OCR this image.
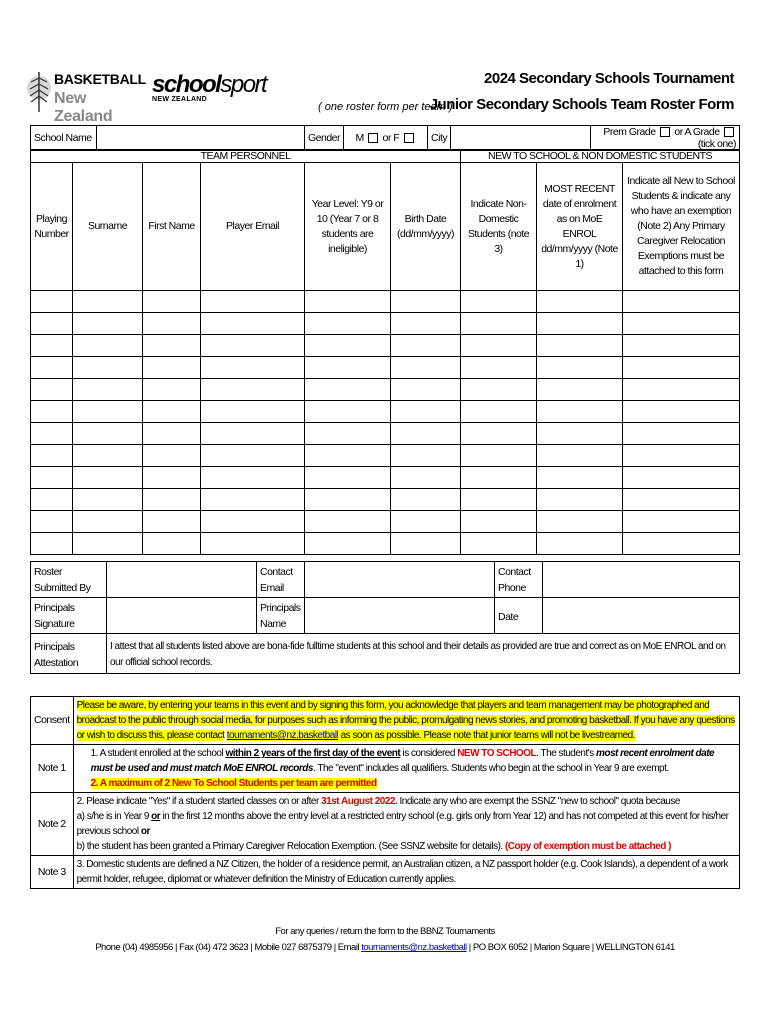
BASKETBALL
New Zealand
schoolsport
NEW ZEALAND
( one roster form per team )
2024 Secondary Schools Tournament
Junior Secondary Schools Team Roster Form
School Name		Gender	M or F	City		Prem Grade or A Grade  (tick one)
TEAM PERSONNEL						NEW TO SCHOOL & NON DOMESTIC STUDENTS		
Playing Number	Surname	First Name	Player Email	Year Level: Y9 or 10 (Year 7 or 8 students are ineligible)	Birth Date (dd/mm/yyyy)	Indicate Non-Domestic Students (note 3)	MOST RECENT date of enrolment as on MoE ENROL dd/mm/yyyy (Note 1)	Indicate all New to School Students & indicate any who have an exemption (Note 2) Any Primary Caregiver Relocation Exemptions must be attached to this form

Roster Submitted By		Contact Email		Contact Phone	
Principals Signature		Principals Name		Date	
Principals Attestation	I attest that all students listed above are bona-fide fulltime students at this school and their details as provided are true and correct as on MoE ENROL and on our official school records.				
Consent	Please be aware, by entering your teams in this event and by signing this form, you acknowledge that players and team management may be photographed and broadcast to the public through social media, for purposes such as informing the public, promulgating news stories, and promoting basketball. If you have any questions or wish to discuss this, please contact tournaments@nz.basketball as soon as possible. Please note that junior teams will not be livestreamed.
Note 1	1. A student enrolled at the school within 2 years of the first day of the event is considered NEW TO SCHOOL. The student's most recent enrolment date must be used and must match MoE ENROL records. The "event" includes all qualifiers. Students who begin at the school in Year 9 are exempt.
2. A maximum of 2 New To School Students per team are permitted

Note 2	2. Please indicate "Yes" if a student started classes on or after 31st August 2022. Indicate any who are exempt the SSNZ "new to school" quota because
a) s/he is in Year 9 or in the first 12 months above the entry level at a restricted entry school (e.g. girls only from Year 12) and has not competed at this event for his/her previous school or
b) the student has been granted a Primary Caregiver Relocation Exemption. (See SSNZ website for details). (Copy of exemption must be attached )

Note 3	3. Domestic students are defined a NZ Citizen, the holder of a residence permit, an Australian citizen, a NZ passport holder (e.g. Cook Islands), a dependent of a work permit holder, refugee, diplomat or whatever definition the Ministry of Education currently applies.
For any queries / return the form to the BBNZ Tournaments
Phone (04) 4985956 | Fax (04) 472 3623 | Mobile 027 6875379 | Email tournaments@nz.basketball | PO BOX 6052 | Marion Square | WELLINGTON 6141
